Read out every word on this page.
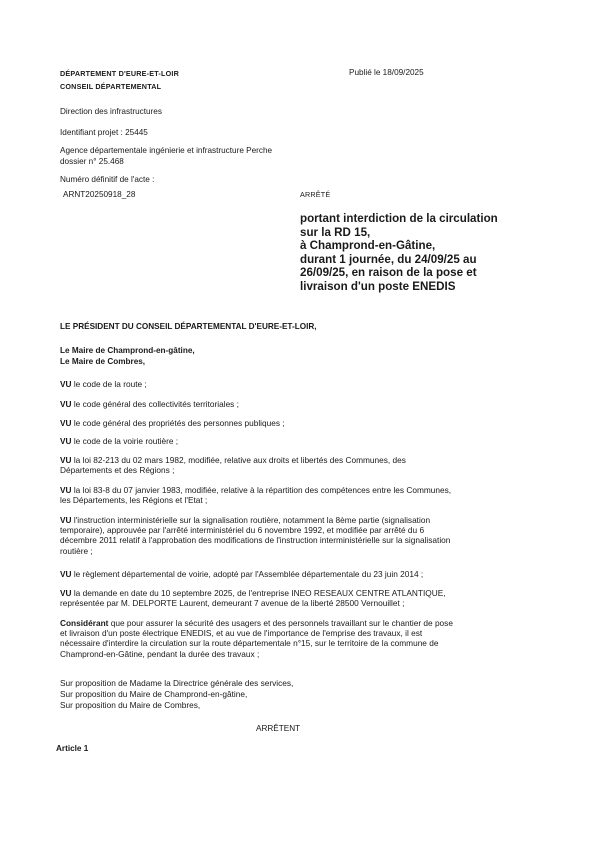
DÉPARTEMENT D'EURE-ET-LOIR
CONSEIL DÉPARTEMENTAL
Publié le 18/09/2025
Direction des infrastructures
Identifiant projet : 25445
Agence départementale ingénierie et infrastructure Perche
dossier n° 25.468
Numéro définitif de l'acte :
ARNT20250918_28	ARRÊTÉ
portant interdiction de la circulation
sur la RD 15,
à Champrond-en-Gâtine,
durant 1 journée, du 24/09/25 au
26/09/25, en raison de la pose et
livraison d'un poste ENEDIS
LE PRÉSIDENT DU CONSEIL DÉPARTEMENTAL D'EURE-ET-LOIR,
Le Maire de Champrond-en-gâtine,
Le Maire de Combres,
VU le code de la route ;
VU le code général des collectivités territoriales ;
VU le code général des propriétés des personnes publiques ;
VU le code de la voirie routière ;
VU la loi 82-213 du 02 mars 1982, modifiée, relative aux droits et libertés des Communes, des
Départements et des Régions ;
VU la loi 83-8 du 07 janvier 1983, modifiée, relative à la répartition des compétences entre les Communes,
les Départements, les Régions et l'Etat ;
VU l'instruction interministérielle sur la signalisation routière, notamment la 8ème partie (signalisation
temporaire), approuvée par l'arrêté interministériel du 6 novembre 1992, et modifiée par arrêté du 6
décembre 2011 relatif à l'approbation des modifications de l'instruction interministérielle sur la signalisation
routière ;
VU le règlement départemental de voirie, adopté par l'Assemblée départementale du 23 juin 2014 ;
VU la demande en date du 10 septembre 2025, de l'entreprise INEO RESEAUX CENTRE ATLANTIQUE,
représentée par M. DELPORTE Laurent, demeurant 7 avenue de la liberté 28500 Vernouillet ;
Considérant que pour assurer la sécurité des usagers et des personnels travaillant sur le chantier de pose
et livraison d'un poste électrique ENEDIS, et au vue de l'importance de l'emprise des travaux, il est
nécessaire d'interdire la circulation sur la route départementale n°15, sur le territoire de la commune de
Champrond-en-Gâtine, pendant la durée des travaux ;
Sur proposition de Madame la Directrice générale des services,
Sur proposition du Maire de Champrond-en-gâtine,
Sur proposition du Maire de Combres,
ARRÊTENT
Article 1
